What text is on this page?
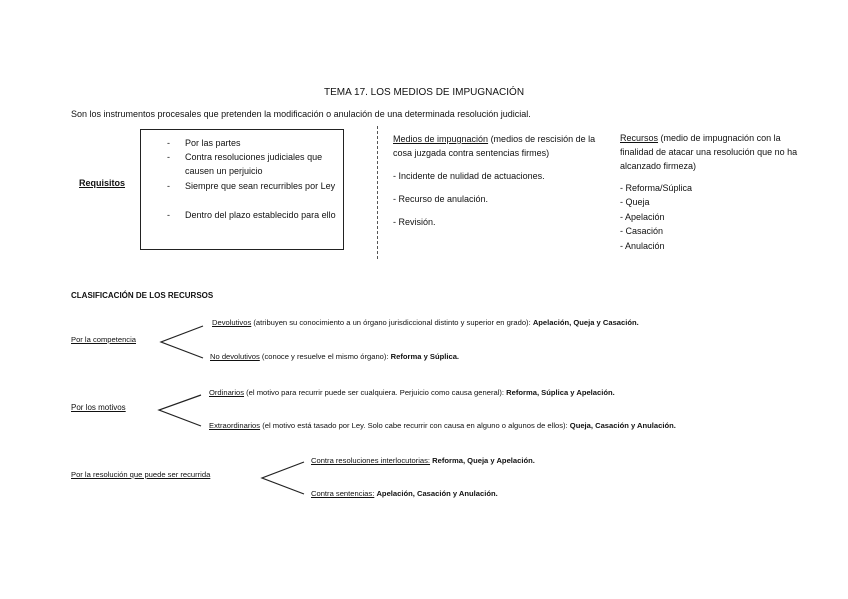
TEMA 17. LOS MEDIOS DE IMPUGNACIÓN
Son los instrumentos procesales que pretenden la modificación o anulación de una determinada resolución judicial.
Requisitos
- Por las partes
- Contra resoluciones judiciales que causen un perjuicio
- Siempre que sean recurribles por Ley
- Dentro del plazo establecido para ello
Medios de impugnación (medios de rescisión de la cosa juzgada contra sentencias firmes)
- Incidente de nulidad de actuaciones.
- Recurso de anulación.
- Revisión.
Recursos (medio de impugnación con la finalidad de atacar una resolución que no ha alcanzado firmeza)
- Reforma/Súplica
- Queja
- Apelación
- Casación
- Anulación
CLASIFICACIÓN DE LOS RECURSOS
Por la competencia
Devolutivos (atribuyen su conocimiento a un órgano jurisdiccional distinto y superior en grado): Apelación, Queja y Casación.
No devolutivos (conoce y resuelve el mismo órgano): Reforma y Súplica.
Por los motivos
Ordinarios (el motivo para recurrir puede ser cualquiera. Perjuicio como causa general): Reforma, Súplica y Apelación.
Extraordinarios (el motivo está tasado por Ley. Solo cabe recurrir con causa en alguno o algunos de ellos): Queja, Casación y Anulación.
Por la resolución que puede ser recurrida
Contra resoluciones interlocutorias: Reforma, Queja y Apelación.
Contra sentencias: Apelación, Casación y Anulación.
